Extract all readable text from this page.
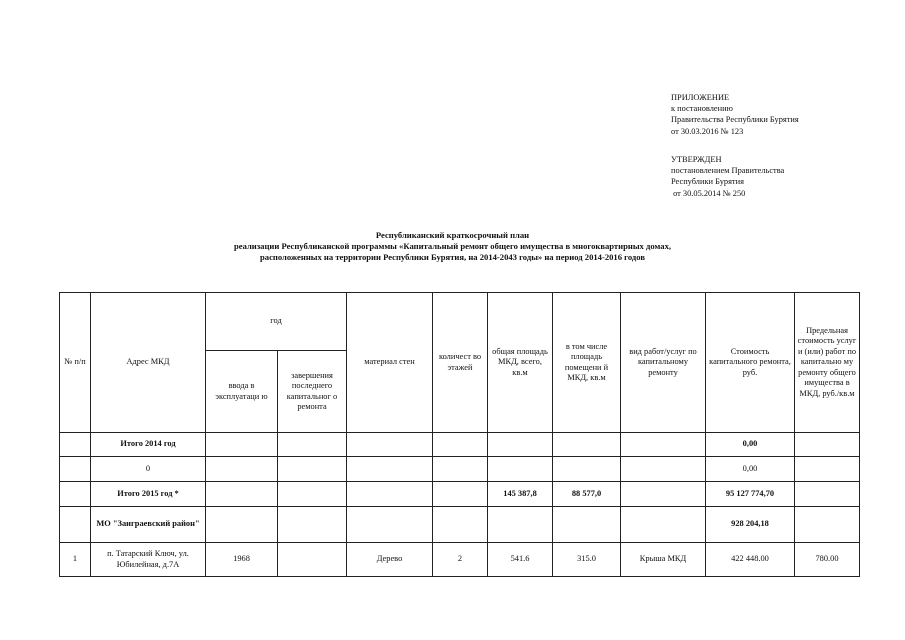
ПРИЛОЖЕНИЕ
к постановлению
Правительства Республики Бурятия
от 30.03.2016 № 123
УТВЕРЖДЕН
постановлением Правительства
Республики Бурятия
от 30.05.2014 № 250
Республиканский краткосрочный план
реализации Республиканской программы «Капитальный ремонт общего имущества в многоквартирных домах,
расположенных на территории Республики Бурятия, на 2014-2043 годы» на период 2014-2016 годов
№ п/п	Адрес МКД	год		материал стен	количест во этажей	общая площадь МКД, всего, кв.м	в том числе площадь помещени й МКД, кв.м	вид работ/услуг по капитальному ремонту	Стоимость капитального ремонта, руб.	Предельная стоимость услуг и (или) работ по капитально му ремонту общего имущества в МКД, руб./кв.м
		ввода в эксплуатаци ю	завершения последнего капитальног о ремонта							
	Итого 2014 год								0,00	
	0								0,00	
	Итого 2015 год *					145 387,8	88 577,0		95 127 774,70	
	МО "Заиграевский район"								928 204,18	
1	п. Татарский Ключ, ул. Юбилейная, д.7А	1968		Дерево	2	541.6	315.0	Крыша МКД	422 448.00	780.00
